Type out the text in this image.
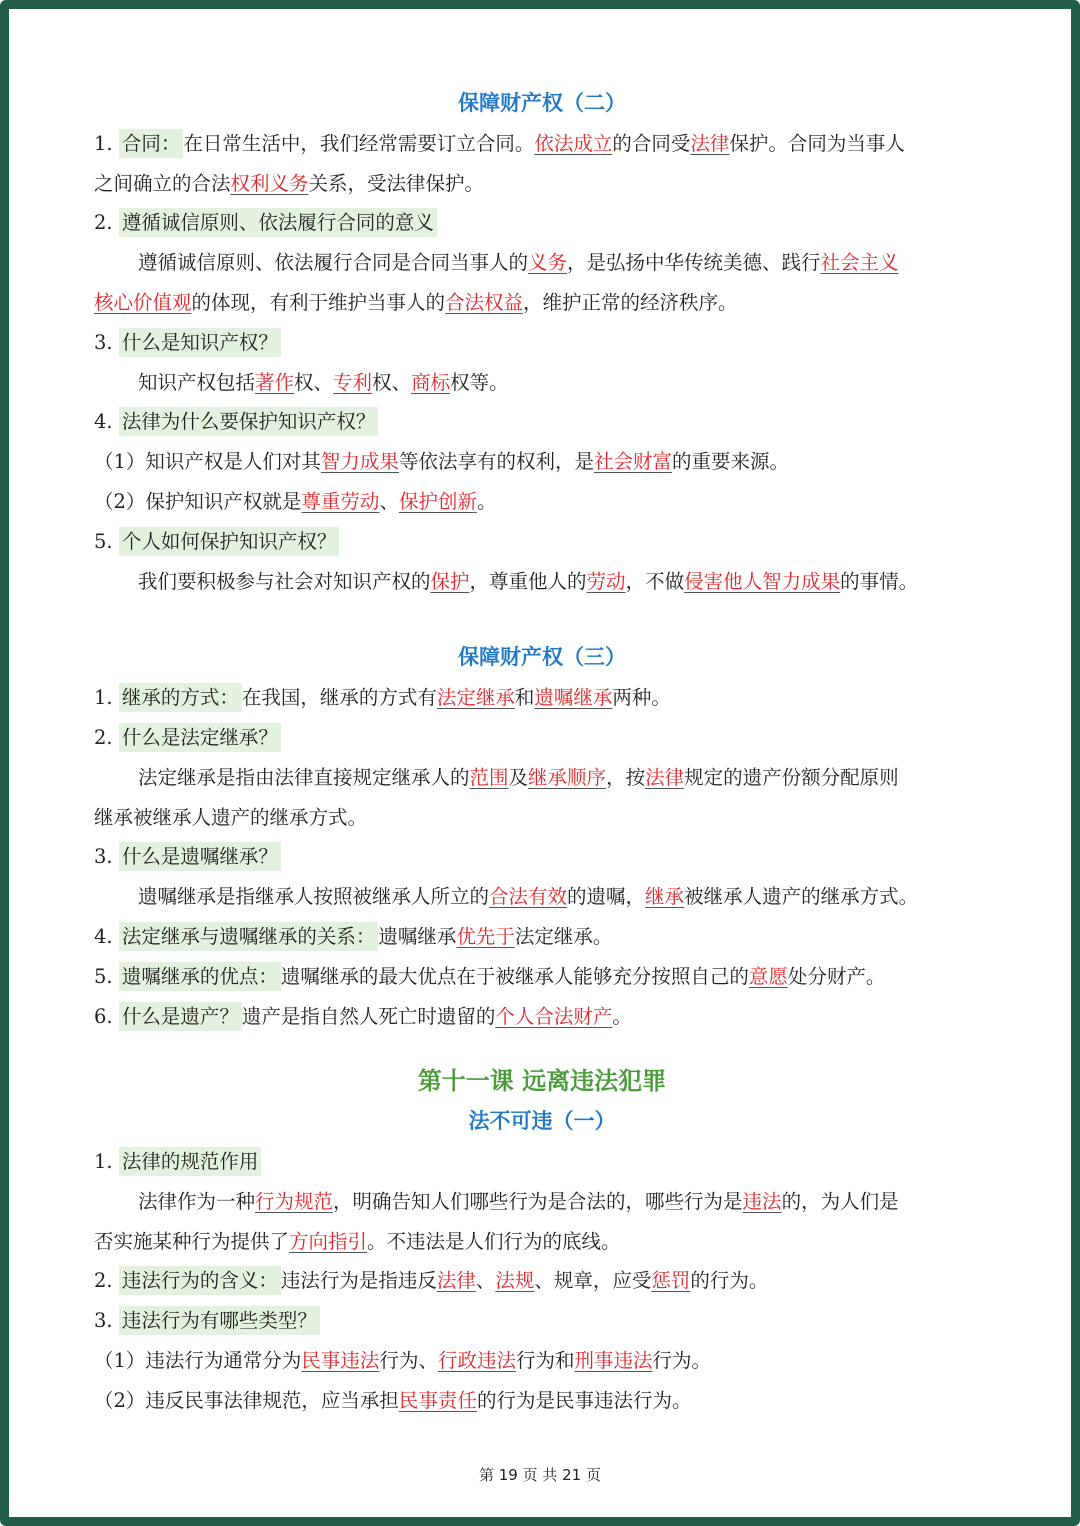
保障财产权（二）
1. 合同： 在日常生活中，我们经常需要订立合同。依法成立的合同受法律保护。合同为当事人
之间确立的合法权利义务关系，受法律保护。
2. 遵循诚信原则、依法履行合同的意义
遵循诚信原则、依法履行合同是合同当事人的义务，是弘扬中华传统美德、践行社会主义
核心价值观的体现，有利于维护当事人的合法权益，维护正常的经济秩序。
3. 什么是知识产权？
知识产权包括著作权、专利权、商标权等。
4. 法律为什么要保护知识产权？
（1）知识产权是人们对其智力成果等依法享有的权利，是社会财富的重要来源。
（2）保护知识产权就是尊重劳动、保护创新。
5. 个人如何保护知识产权？
我们要积极参与社会对知识产权的保护，尊重他人的劳动，不做侵害他人智力成果的事情。
保障财产权（三）
1. 继承的方式： 在我国，继承的方式有法定继承和遗嘱继承两种。
2. 什么是法定继承？
法定继承是指由法律直接规定继承人的范围及继承顺序，按法律规定的遗产份额分配原则
继承被继承人遗产的继承方式。
3. 什么是遗嘱继承？
遗嘱继承是指继承人按照被继承人所立的合法有效的遗嘱，继承被继承人遗产的继承方式。
4. 法定继承与遗嘱继承的关系： 遗嘱继承优先于法定继承。
5. 遗嘱继承的优点： 遗嘱继承的最大优点在于被继承人能够充分按照自己的意愿处分财产。
6. 什么是遗产？ 遗产是指自然人死亡时遗留的个人合法财产。
第十一课 远离违法犯罪
法不可违（一）
1. 法律的规范作用
法律作为一种行为规范，明确告知人们哪些行为是合法的，哪些行为是违法的，为人们是
否实施某种行为提供了方向指引。不违法是人们行为的底线。
2. 违法行为的含义： 违法行为是指违反法律、法规、规章，应受惩罚的行为。
3. 违法行为有哪些类型？
（1）违法行为通常分为民事违法行为、行政违法行为和刑事违法行为。
（2）违反民事法律规范，应当承担民事责任的行为是民事违法行为。
第 19 页 共 21 页
